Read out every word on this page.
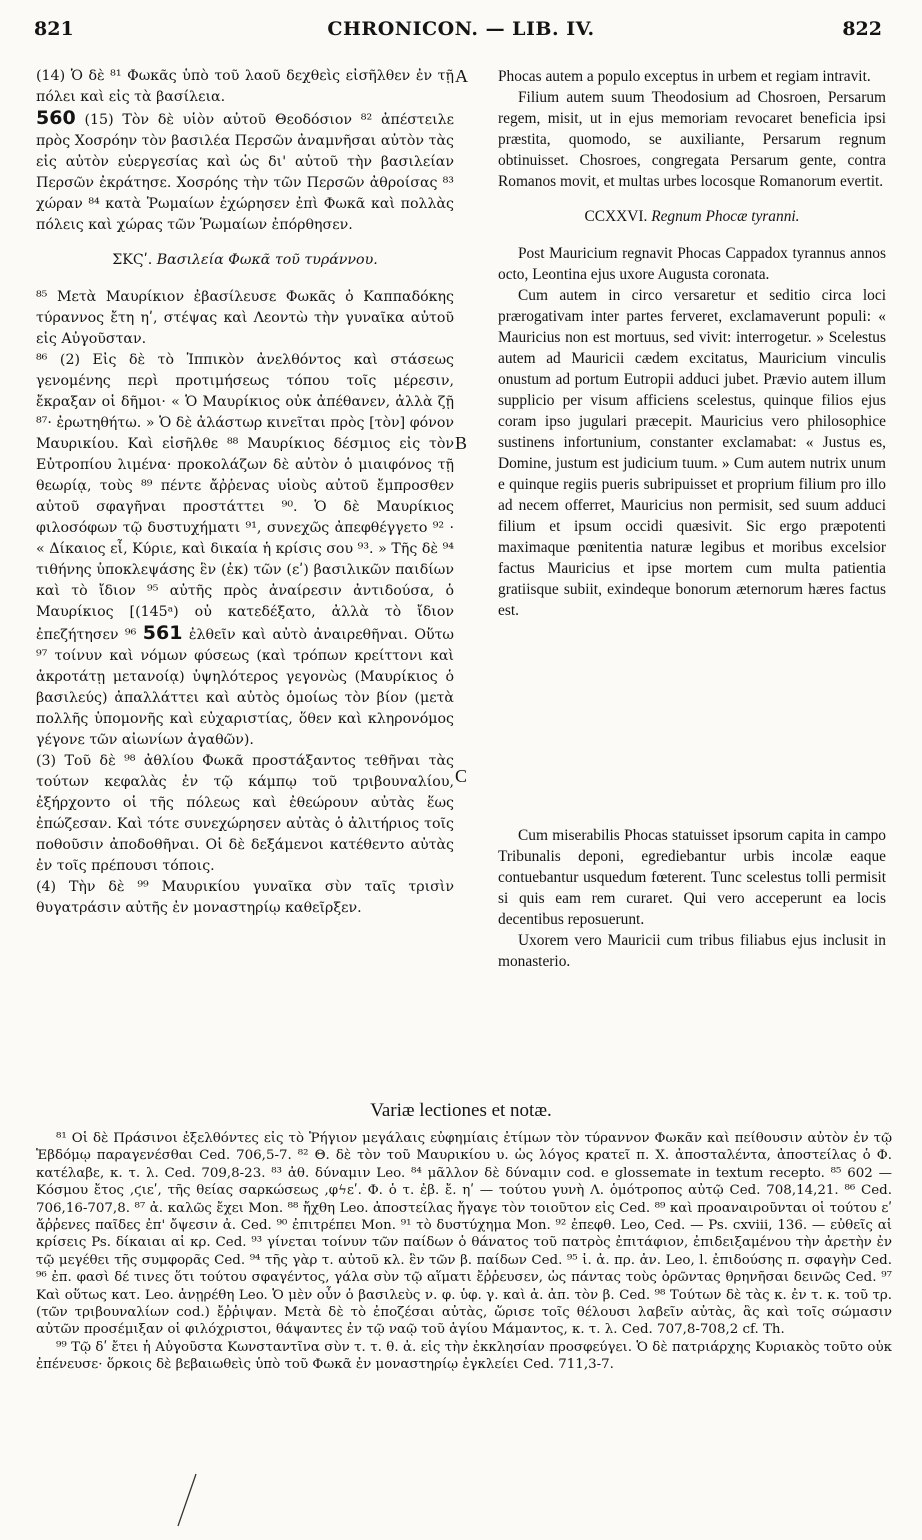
821	CHRONICON. — LIB. IV.	822
A
B
C

(14) Ὁ δὲ ⁸¹ Φωκᾶς ὑπὸ τοῦ λαοῦ δεχθεὶς εἰσῆλθεν ἐν τῇ πόλει καὶ εἰς τὰ βασίλεια.

560 (15) Τὸν δὲ υἱὸν αὐτοῦ Θεοδόσιον ⁸² ἀπέστειλε πρὸς Χοσρόην τὸν βασιλέα Περσῶν ἀναμνῆσαι αὐτὸν τὰς εἰς αὐτὸν εὐεργεσίας καὶ ὡς δι' αὐτοῦ τὴν βασιλείαν Περσῶν ἐκράτησε. Χοσρόης τὴν τῶν Περσῶν ἀθροίσας ⁸³ χώραν ⁸⁴ κατὰ Ῥωμαίων ἐχώρησεν ἐπὶ Φωκᾶ καὶ πολλὰς πόλεις καὶ χώρας τῶν Ῥωμαίων ἐπόρθησεν.

ΣΚϚʹ. Βασιλεία Φωκᾶ τοῦ τυράννου.

⁸⁵ Μετὰ Μαυρίκιον ἐβασίλευσε Φωκᾶς ὁ Καππαδόκης τύραννος ἔτη ηʹ, στέψας καὶ Λεοντὼ τὴν γυναῖκα αὐτοῦ εἰς Αὐγοῦσταν.

⁸⁶ (2) Εἰς δὲ τὸ Ἱππικὸν ἀνελθόντος καὶ στάσεως γενομένης περὶ προτιμήσεως τόπου τοῖς μέρεσιν, ἔκραξαν οἱ δῆμοι· « Ὁ Μαυρίκιος οὐκ ἀπέθανεν, ἀλλὰ ζῇ ⁸⁷· ἐρωτηθήτω. » Ὁ δὲ ἀλάστωρ κινεῖται πρὸς [τὸν] φόνον Μαυρικίου. Καὶ εἰσῆλθε ⁸⁸ Μαυρίκιος δέσμιος εἰς τὸν Εὐτροπίου λιμένα· προκολάζων δὲ αὐτὸν ὁ μιαιφόνος τῇ θεωρίᾳ, τοὺς ⁸⁹ πέντε ἄῤῥενας υἱοὺς αὐτοῦ ἔμπροσθεν αὐτοῦ σφαγῆναι προστάττει ⁹⁰. Ὁ δὲ Μαυρίκιος φιλοσόφων τῷ δυστυχήματι ⁹¹, συνεχῶς ἀπεφθέγγετο ⁹² · « Δίκαιος εἶ, Κύριε, καὶ δικαία ἡ κρίσις σου ⁹³. » Τῆς δὲ ⁹⁴ τιθήνης ὑποκλεψάσης ἓν (ἐκ) τῶν (εʹ) βασιλικῶν παιδίων καὶ τὸ ἴδιον ⁹⁵ αὐτῆς πρὸς ἀναίρεσιν ἀντιδούσα, ὁ Μαυρίκιος [(145ᵃ) οὐ κατεδέξατο, ἀλλὰ τὸ ἴδιον ἐπεζήτησεν ⁹⁶ 561 ἐλθεῖν καὶ αὐτὸ ἀναιρεθῆναι. Οὕτω ⁹⁷ τοίνυν καὶ νόμων φύσεως (καὶ τρόπων κρείττονι καὶ ἀκροτάτῃ μετανοίᾳ) ὑψηλότερος γεγονὼς (Μαυρίκιος ὁ βασιλεύς) ἀπαλλάττει καὶ αὐτὸς ὁμοίως τὸν βίον (μετὰ πολλῆς ὑπομονῆς καὶ εὐχαριστίας, ὅθεν καὶ κληρονόμος γέγονε τῶν αἰωνίων ἀγαθῶν).

(3) Τοῦ δὲ ⁹⁸ ἀθλίου Φωκᾶ προστάξαντος τεθῆναι τὰς τούτων κεφαλὰς ἐν τῷ κάμπῳ τοῦ τριβουναλίου, ἐξήρχοντο οἱ τῆς πόλεως καὶ ἐθεώρουν αὐτὰς ἕως ἐπώζεσαν. Καὶ τότε συνεχώρησεν αὐτὰς ὁ ἀλιτήριος τοῖς ποθοῦσιν ἀποδοθῆναι. Οἱ δὲ δεξάμενοι κατέθεντο αὐτὰς ἐν τοῖς πρέπουσι τόποις.

(4) Τὴν δὲ ⁹⁹ Μαυρικίου γυναῖκα σὺν ταῖς τρισὶν θυγατράσιν αὐτῆς ἐν μοναστηρίῳ καθεῖρξεν.

Phocas autem a populo exceptus in urbem et regiam intravit.

Filium autem suum Theodosium ad Chosroen, Persarum regem, misit, ut in ejus memoriam revocaret beneficia ipsi præstita, quomodo, se auxiliante, Persarum regnum obtinuisset. Chosroes, congregata Persarum gente, contra Romanos movit, et multas urbes locosque Romanorum evertit.

CCXXVI. Regnum Phocæ tyranni.

Post Mauricium regnavit Phocas Cappadox tyrannus annos octo, Leontina ejus uxore Augusta coronata.

Cum autem in circo versaretur et seditio circa loci prærogativam inter partes ferveret, exclamaverunt populi: « Mauricius non est mortuus, sed vivit: interrogetur. » Scelestus autem ad Mauricii cædem excitatus, Mauricium vinculis onustum ad portum Eutropii adduci jubet. Prævio autem illum supplicio per visum afficiens scelestus, quinque filios ejus coram ipso jugulari præcepit. Mauricius vero philosophice sustinens infortunium, constanter exclamabat: « Justus es, Domine, justum est judicium tuum. » Cum autem nutrix unum e quinque regiis pueris subripuisset et proprium filium pro illo ad necem offerret, Mauricius non permisit, sed suum adduci filium et ipsum occidi quæsivit. Sic ergo præpotenti maximaque pœnitentia naturæ legibus et moribus excelsior factus Mauricius et ipse mortem cum multa patientia gratiisque subiit, exindeque bonorum æternorum hæres factus est.

Cum miserabilis Phocas statuisset ipsorum capita in campo Tribunalis deponi, egrediebantur urbis incolæ eaque contuebantur usquedum fœterent. Tunc scelestus tolli permisit si quis eam rem curaret. Qui vero acceperunt ea locis decentibus reposuerunt.

Uxorem vero Mauricii cum tribus filiabus ejus inclusit in monasterio.

Variæ lectiones et notæ.

⁸¹ Οἱ δὲ Πράσινοι ἐξελθόντες εἰς τὸ Ῥήγιον μεγάλαις εὐφημίαις ἐτίμων τὸν τύραννον Φωκᾶν καὶ πείθουσιν αὐτὸν ἐν τῷ Ἑβδόμῳ παραγενέσθαι Ced. 706,5-7. ⁸² Θ. δὲ τὸν τοῦ Μαυρικίου υ. ὡς λόγος κρατεῖ π. Χ. ἀποσταλέντα, ἀποστείλας ὁ Φ. κατέλαβε, κ. τ. λ. Ced. 709,8-23. ⁸³ ἀθ. δύναμιν Leo. ⁸⁴ μᾶλλον δὲ δύναμιν cod. e glossemate in textum recepto. ⁸⁵ 602 — Κόσμου ἔτος ,ϛιεʹ, τῆς θείας σαρκώσεως ,φϟεʹ. Φ. ὁ τ. ἐβ. ἔ. ηʹ — τούτου γυνὴ Λ. ὁμότροπος αὐτῷ Ced. 708,14,21. ⁸⁶ Ced. 706,16-707,8. ⁸⁷ ἀ. καλῶς ἔχει Mon. ⁸⁸ ἤχθη Leo. ἀποστείλας ἤγαγε τὸν τοιοῦτον εἰς Ced. ⁸⁹ καὶ προαναιροῦνται οἱ τούτου εʹ ἄῤῥενες παῖδες ἐπ' ὄψεσιν ἀ. Ced. ⁹⁰ ἐπιτρέπει Mon. ⁹¹ τὸ δυστύχημα Mon. ⁹² ἐπεφθ. Leo, Ced. — Ps. cxviii, 136. — εὐθεῖς αἱ κρίσεις Ps. δίκαιαι αἱ κρ. Ced. ⁹³ γίνεται τοίνυν τῶν παίδων ὁ θάνατος τοῦ πατρὸς ἐπιτάφιον, ἐπιδειξαμένου τὴν ἀρετὴν ἐν τῷ μεγέθει τῆς συμφορᾶς Ced. ⁹⁴ τῆς γὰρ τ. αὐτοῦ κλ. ἓν τῶν β. παίδων Ced. ⁹⁵ ἰ. ἀ. πρ. ἀν. Leo, l. ἐπιδούσης π. σφαγὴν Ced. ⁹⁶ ἐπ. φασὶ δέ τινες ὅτι τούτου σφαγέντος, γάλα σὺν τῷ αἵματι ἔῤῥευσεν, ὡς πάντας τοὺς ὁρῶντας θρηνῆσαι δεινῶς Ced. ⁹⁷ Καὶ οὕτως κατ. Leo. ἀνῃρέθη Leo. Ὁ μὲν οὖν ὁ βασιλεὺς ν. φ. ὑφ. γ. καὶ ἀ. ἀπ. τὸν β. Ced. ⁹⁸ Τούτων δὲ τὰς κ. ἐν τ. κ. τοῦ τρ. (τῶν τριβουναλίων cod.) ἔῤῥιψαν. Μετὰ δὲ τὸ ἐποζέσαι αὐτὰς, ὥρισε τοῖς θέλουσι λαβεῖν αὐτὰς, ἃς καὶ τοῖς σώμασιν αὐτῶν προσέμιξαν οἱ φιλόχριστοι, θάψαντες ἐν τῷ ναῷ τοῦ ἁγίου Μάμαντος, κ. τ. λ. Ced. 707,8-708,2 cf. Th.

⁹⁹ Τῷ δʹ ἔτει ἡ Αὐγοῦστα Κωνσταντῖνα σὺν τ. τ. θ. ἀ. εἰς τὴν ἐκκλησίαν προσφεύγει. Ὁ δὲ πατριάρχης Κυριακὸς τοῦτο οὐκ ἐπένευσε· ὅρκοις δὲ βεβαιωθεὶς ὑπὸ τοῦ Φωκᾶ ἐν μοναστηρίῳ ἐγκλείει Ced. 711,3-7.
